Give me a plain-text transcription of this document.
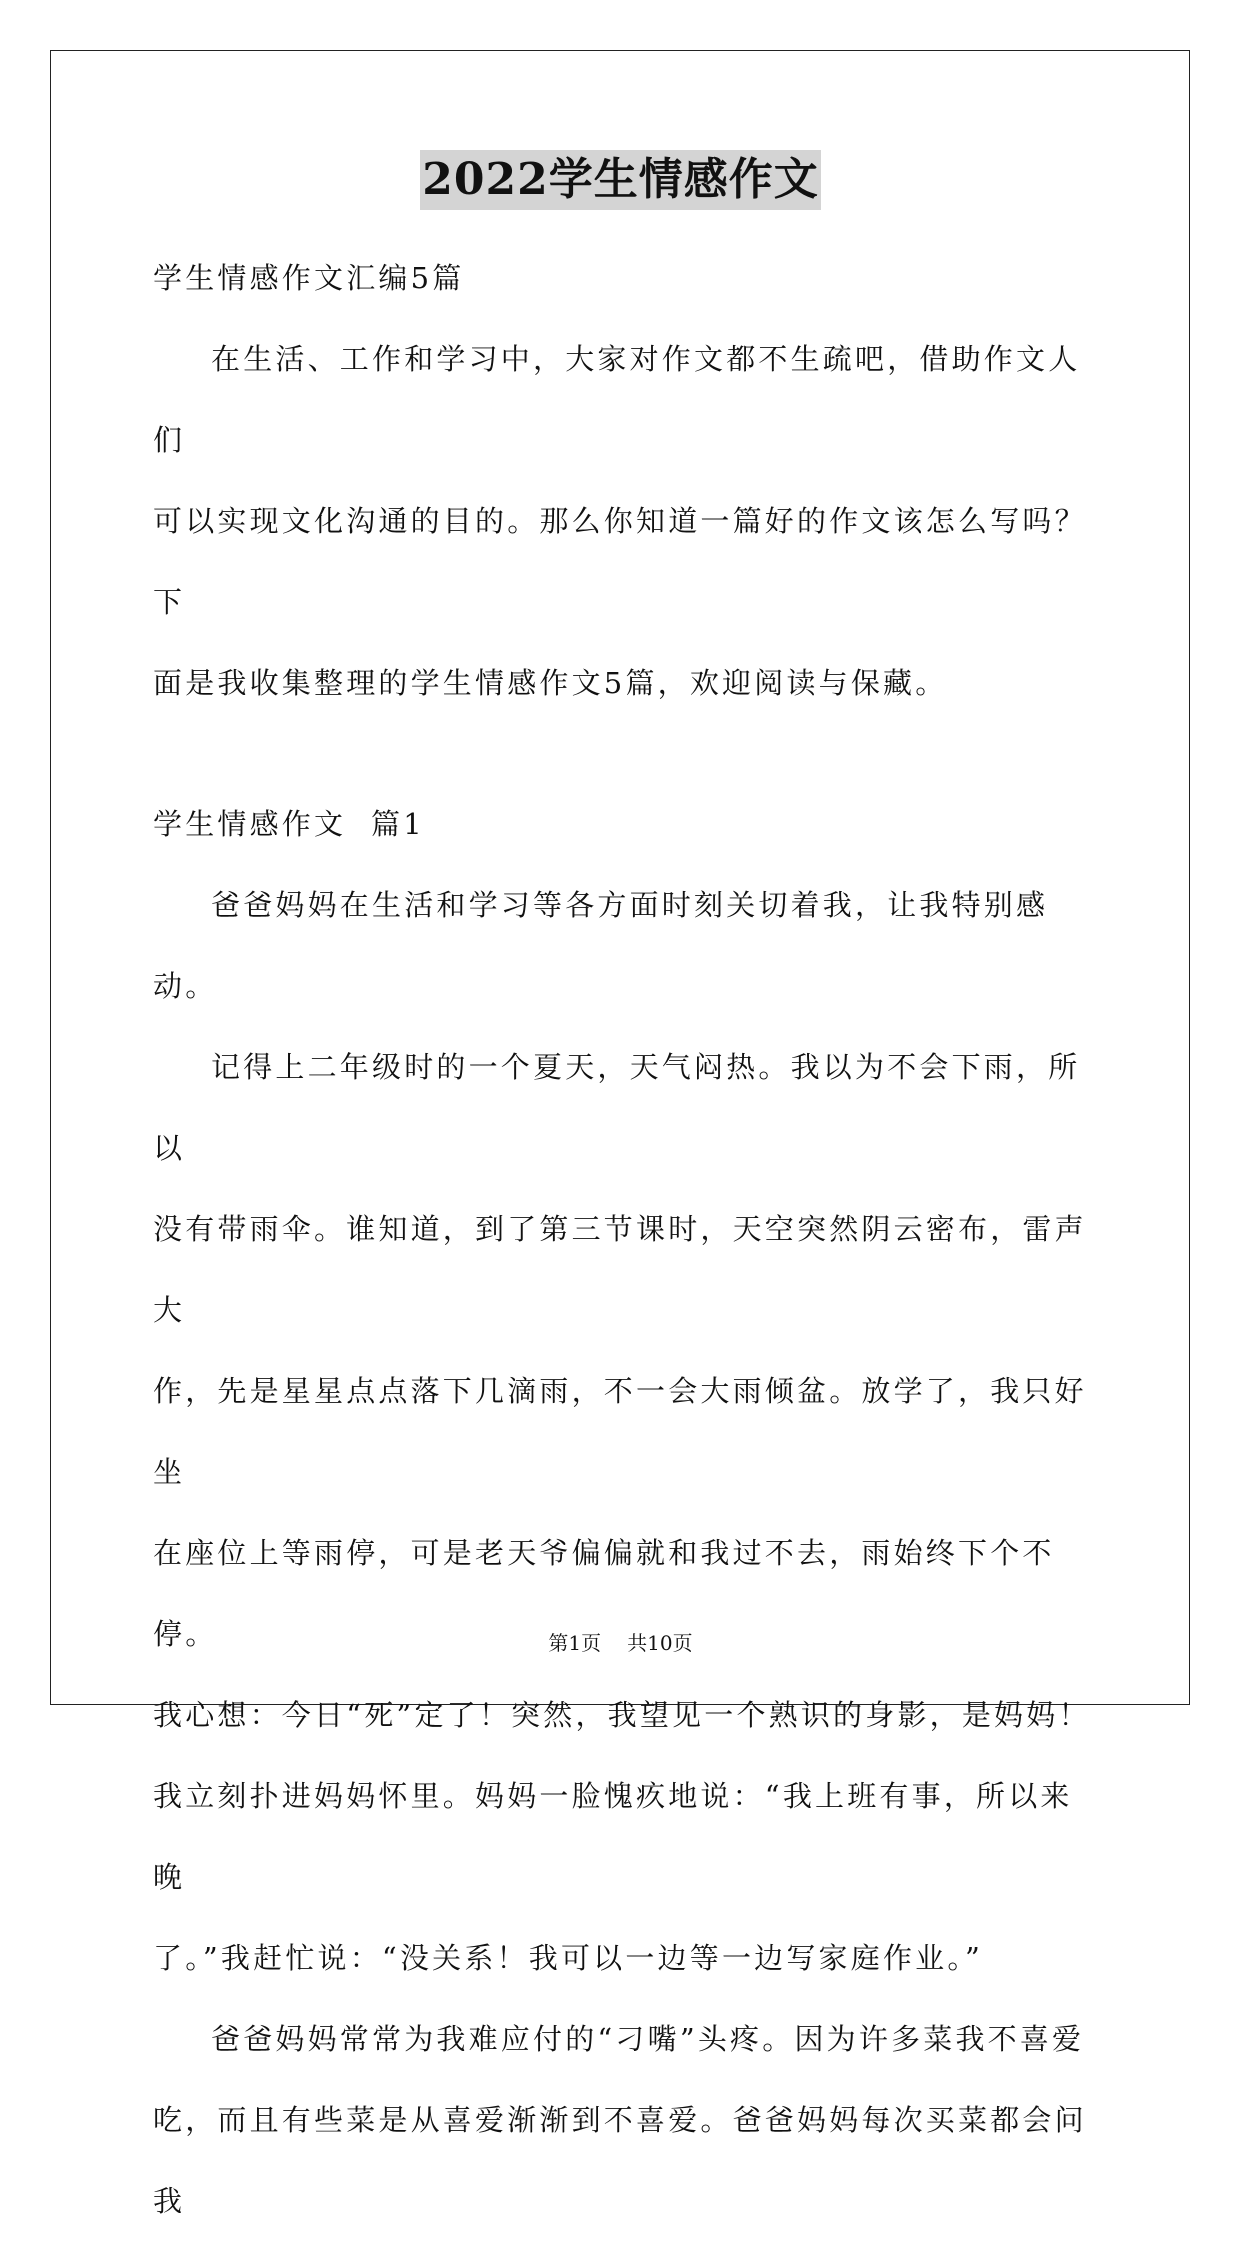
2022学生情感作文

学生情感作文汇编5篇

在生活、工作和学习中，大家对作文都不生疏吧，借助作文人们

可以实现文化沟通的目的。那么你知道一篇好的作文该怎么写吗？下

面是我收集整理的学生情感作文5篇，欢迎阅读与保藏。

学生情感作文  篇1

爸爸妈妈在生活和学习等各方面时刻关切着我，让我特别感动。

记得上二年级时的一个夏天，天气闷热。我以为不会下雨，所以

没有带雨伞。谁知道，到了第三节课时，天空突然阴云密布，雷声大

作，先是星星点点落下几滴雨，不一会大雨倾盆。放学了，我只好坐

在座位上等雨停，可是老天爷偏偏就和我过不去，雨始终下个不停。

我心想：今日“死”定了！突然，我望见一个熟识的身影，是妈妈！

我立刻扑进妈妈怀里。妈妈一脸愧疚地说：“我上班有事，所以来晚

了。”我赶忙说：“没关系！我可以一边等一边写家庭作业。”

爸爸妈妈常常为我难应付的“刁嘴”头疼。因为许多菜我不喜爱

吃，而且有些菜是从喜爱渐渐到不喜爱。爸爸妈妈每次买菜都会问我

第1页 共10页
